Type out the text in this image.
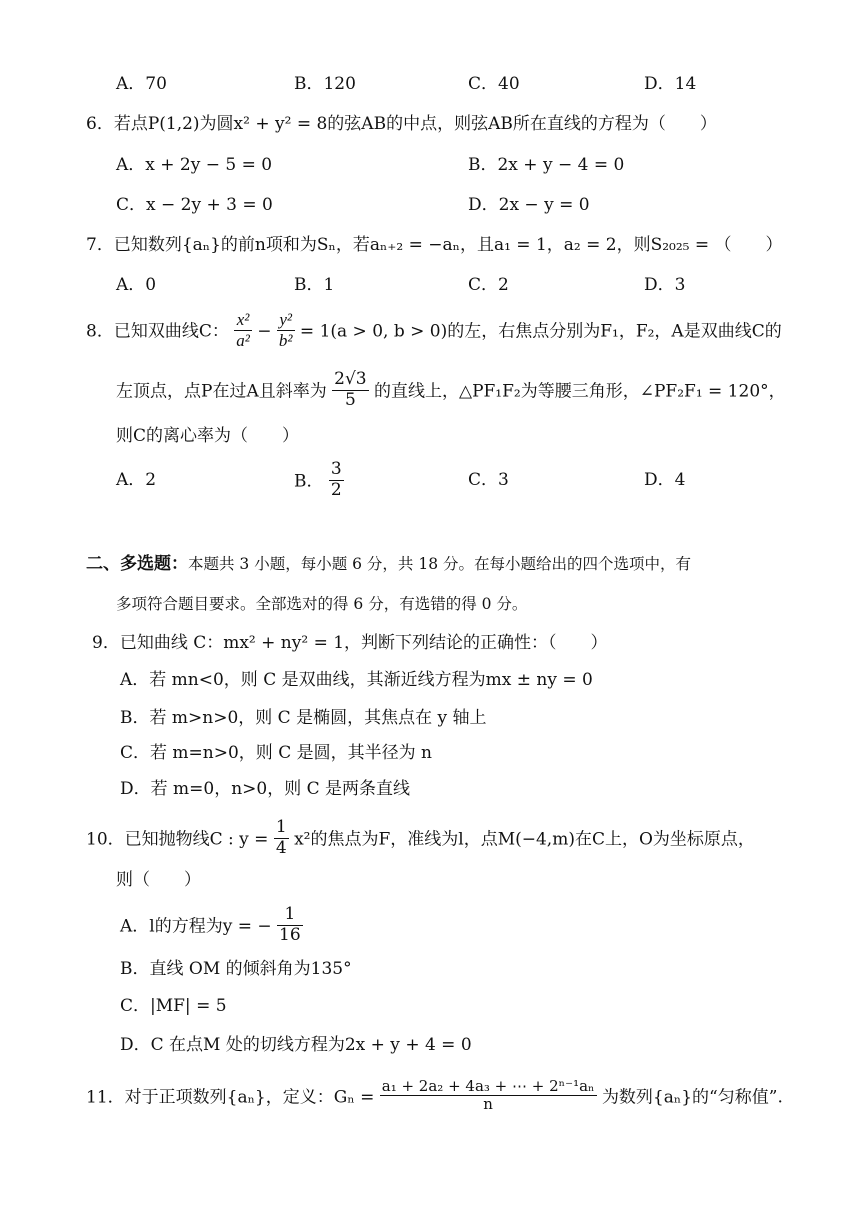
A．70	B．120	C．40	D．14
6．若点P(1,2)为圆x² + y² = 8的弦AB的中点，则弦AB所在直线的方程为（　　）
A．x + 2y − 5 = 0	B．2x + y − 4 = 0
C．x − 2y + 3 = 0	D．2x − y = 0
7．已知数列{aₙ}的前n项和为Sₙ，若aₙ₊₂ = −aₙ，且a₁ = 1，a₂ = 2，则S₂₀₂₅ = （　　）
A．0	B．1	C．2	D．3
8．已知双曲线C： $\frac{\text{x²}}{\text{a²}} - \frac{\text{y²}}{\text{b²}} = 1(a > 0$, b > 0)的左，右焦点分别为F₁，F₂，A是双曲线C的
左顶点，点P在过A且斜率为 $\frac{2√3}{5}$ 的直线上，△PF₁F₂为等腰三角形，∠PF₂F₁ = 120°，
则C的离心率为（　　）
A．2	B． $\frac{3}{2}$	C．3	D．4
二、多选题：本题共 3 小题，每小题 6 分，共 18 分。在每小题给出的四个选项中，有
多项符合题目要求。全部选对的得 6 分，有选错的得 0 分。
9．已知曲线 C：mx² + ny² = 1，判断下列结论的正确性：（　　）
A．若 mn<0，则 C 是双曲线，其渐近线方程为mx ± ny = 0
B．若 m>n>0，则 C 是椭圆，其焦点在 y 轴上
C．若 m=n>0，则 C 是圆，其半径为 n
D．若 m=0，n>0，则 C 是两条直线
10．已知抛物线C : $y = \frac{1}{4} x^2$的焦点为F，准线为l，点M(−4,m)在C上，O为坐标原点，
则（　　）
A．l的方程为y = − $\frac{1}{16}$
B．直线 OM 的倾斜角为135°
C．|MF| = 5
D．C 在点M 处的切线方程为2x + y + 4 = 0
11．对于正项数列{aₙ}，定义：$G_n = \frac{\text{a₁ + 2a₂ + 4a₃ + ⋯ + 2ⁿ⁻¹aₙ}}{n}$ 为数列{aₙ}的“匀称值”.
